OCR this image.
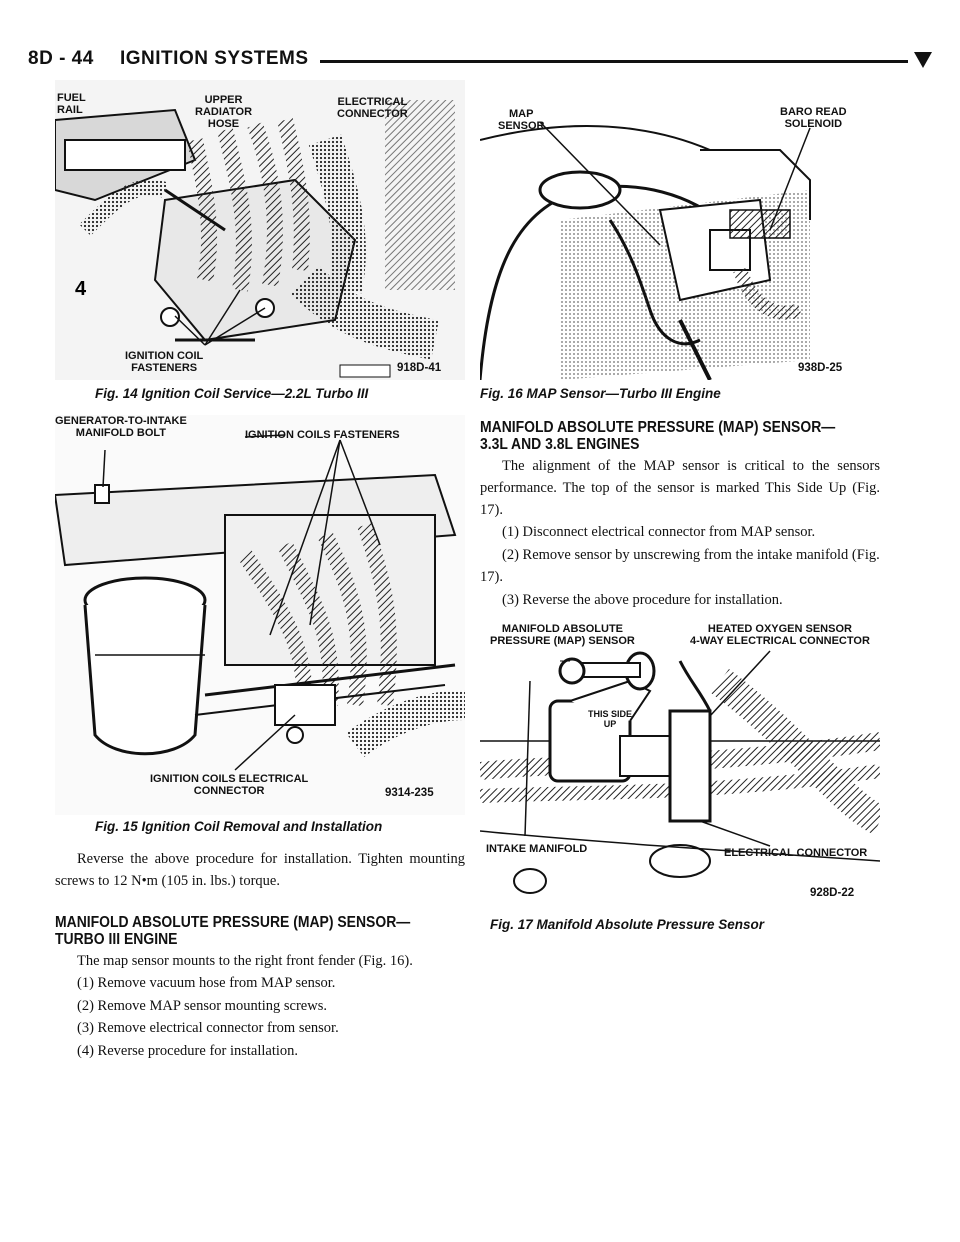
8D - 44 IGNITION SYSTEMS
4
FUEL
RAIL
UPPER
RADIATOR
HOSE
ELECTRICAL
CONNECTOR
IGNITION COIL
FASTENERS	918D-41
Fig. 14 Ignition Coil Service—2.2L Turbo III
GENERATOR-TO-INTAKE
MANIFOLD BOLT	IGNITION COILS FASTENERS
IGNITION COILS ELECTRICAL
CONNECTOR	9314-235
Fig. 15 Ignition Coil Removal and Installation

Reverse the above procedure for installation. Tighten mounting screws to 12 N•m (105 in. lbs.) torque.

MANIFOLD ABSOLUTE PRESSURE (MAP) SENSOR—TURBO III ENGINE

The map sensor mounts to the right front fender (Fig. 16).

(1) Remove vacuum hose from MAP sensor.

(2) Remove MAP sensor mounting screws.

(3) Remove electrical connector from sensor.

(4) Reverse procedure for installation.

MAP
SENSOR
BARO READ
SOLENOID
938D-25
Fig. 16 MAP Sensor—Turbo III Engine
MANIFOLD ABSOLUTE PRESSURE (MAP) SENSOR—3.3L AND 3.8L ENGINES

The alignment of the MAP sensor is critical to the sensors performance. The top of the sensor is marked This Side Up (Fig. 17).

(1) Disconnect electrical connector from MAP sensor.

(2) Remove sensor by unscrewing from the intake manifold (Fig. 17).

(3) Reverse the above procedure for installation.

MANIFOLD ABSOLUTE
PRESSURE (MAP) SENSOR
HEATED OXYGEN SENSOR
4-WAY ELECTRICAL CONNECTOR
THIS SIDE
UP
INTAKE MANIFOLD	ELECTRICAL CONNECTOR
928D-22
Fig. 17 Manifold Absolute Pressure Sensor
